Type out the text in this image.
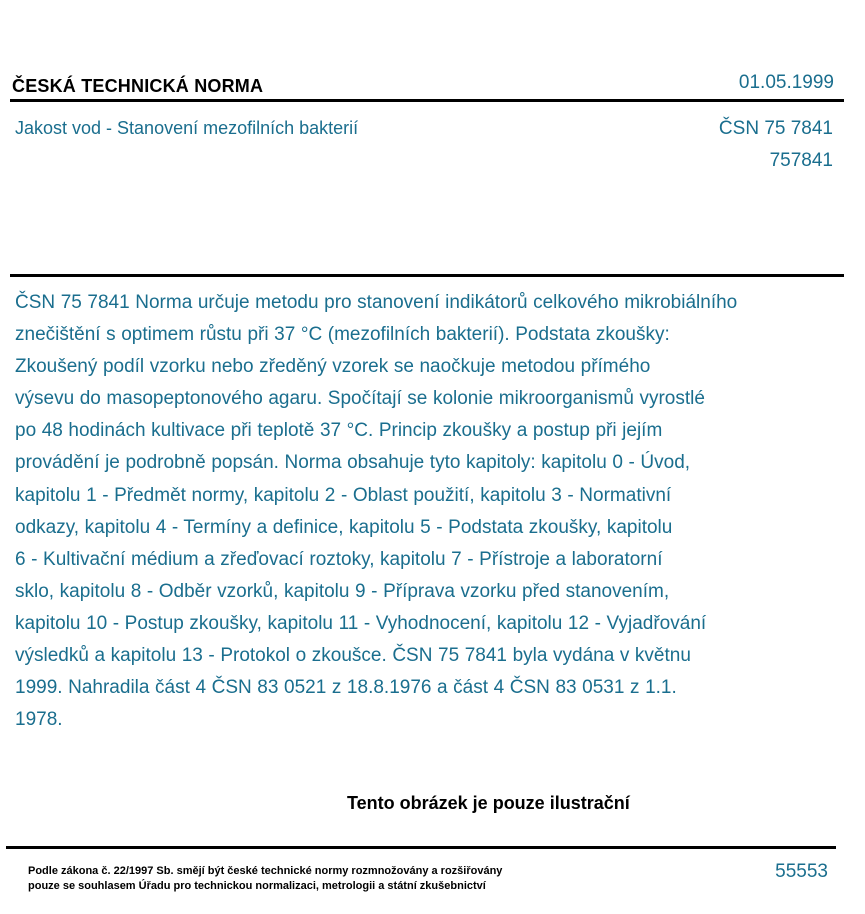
ČESKÁ TECHNICKÁ NORMA	01.05.1999
Jakost vod - Stanovení mezofilních bakterií	ČSN 75 7841
757841
ČSN 75 7841 Norma určuje metodu pro stanovení indikátorů celkového mikrobiálního
znečištění s optimem růstu při 37 °C (mezofilních bakterií). Podstata zkoušky:
Zkoušený podíl vzorku nebo zředěný vzorek se naočkuje metodou přímého
výsevu do masopeptonového agaru. Spočítají se kolonie mikroorganismů vyrostlé
po 48 hodinách kultivace při teplotě 37 °C. Princip zkoušky a postup při jejím
provádění je podrobně popsán. Norma obsahuje tyto kapitoly: kapitolu 0 - Úvod,
kapitolu 1 - Předmět normy, kapitolu 2 - Oblast použití, kapitolu 3 - Normativní
odkazy, kapitolu 4 - Termíny a definice, kapitolu 5 - Podstata zkoušky, kapitolu
6 - Kultivační médium a zřeďovací roztoky, kapitolu 7 - Přístroje a laboratorní
sklo, kapitolu 8 - Odběr vzorků, kapitolu 9 - Příprava vzorku před stanovením,
kapitolu 10 - Postup zkoušky, kapitolu 11 - Vyhodnocení, kapitolu 12 - Vyjadřování
výsledků a kapitolu 13 - Protokol o zkoušce. ČSN 75 7841 byla vydána v květnu
1999. Nahradila část 4 ČSN 83 0521 z 18.8.1976 a část 4 ČSN 83 0531 z 1.1.
1978.
Tento obrázek je pouze ilustrační
Podle zákona č. 22/1997 Sb. smějí být české technické normy rozmnožovány a rozšiřovány
pouze se souhlasem Úřadu pro technickou normalizaci, metrologii a státní zkušebnictví
55553
